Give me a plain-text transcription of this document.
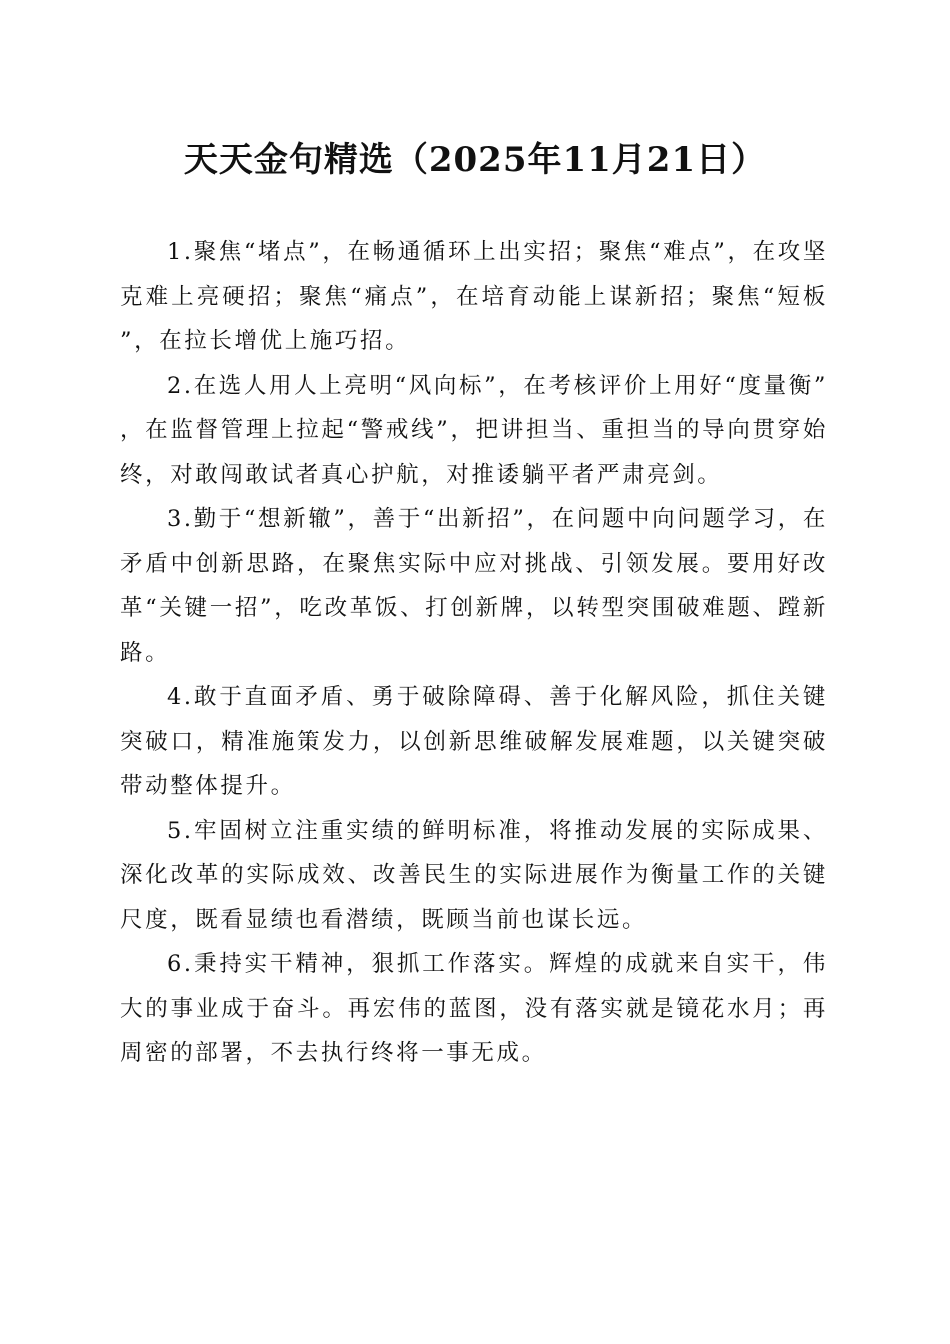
天天金句精选（2025年11月21日）

1.聚焦“堵点”，在畅通循环上出实招；聚焦“难点”，在攻坚克难上亮硬招；聚焦“痛点”，在培育动能上谋新招；聚焦“短板”，在拉长增优上施巧招。

2.在选人用人上亮明“风向标”，在考核评价上用好“度量衡”，在监督管理上拉起“警戒线”，把讲担当、重担当的导向贯穿始终，对敢闯敢试者真心护航，对推诿躺平者严肃亮剑。

3.勤于“想新辙”，善于“出新招”，在问题中向问题学习，在矛盾中创新思路，在聚焦实际中应对挑战、引领发展。要用好改革“关键一招”，吃改革饭、打创新牌，以转型突围破难题、蹚新路。

4.敢于直面矛盾、勇于破除障碍、善于化解风险，抓住关键突破口，精准施策发力，以创新思维破解发展难题，以关键突破带动整体提升。

5.牢固树立注重实绩的鲜明标准，将推动发展的实际成果、深化改革的实际成效、改善民生的实际进展作为衡量工作的关键尺度，既看显绩也看潜绩，既顾当前也谋长远。

6.秉持实干精神，狠抓工作落实。辉煌的成就来自实干，伟大的事业成于奋斗。再宏伟的蓝图，没有落实就是镜花水月；再周密的部署，不去执行终将一事无成。
